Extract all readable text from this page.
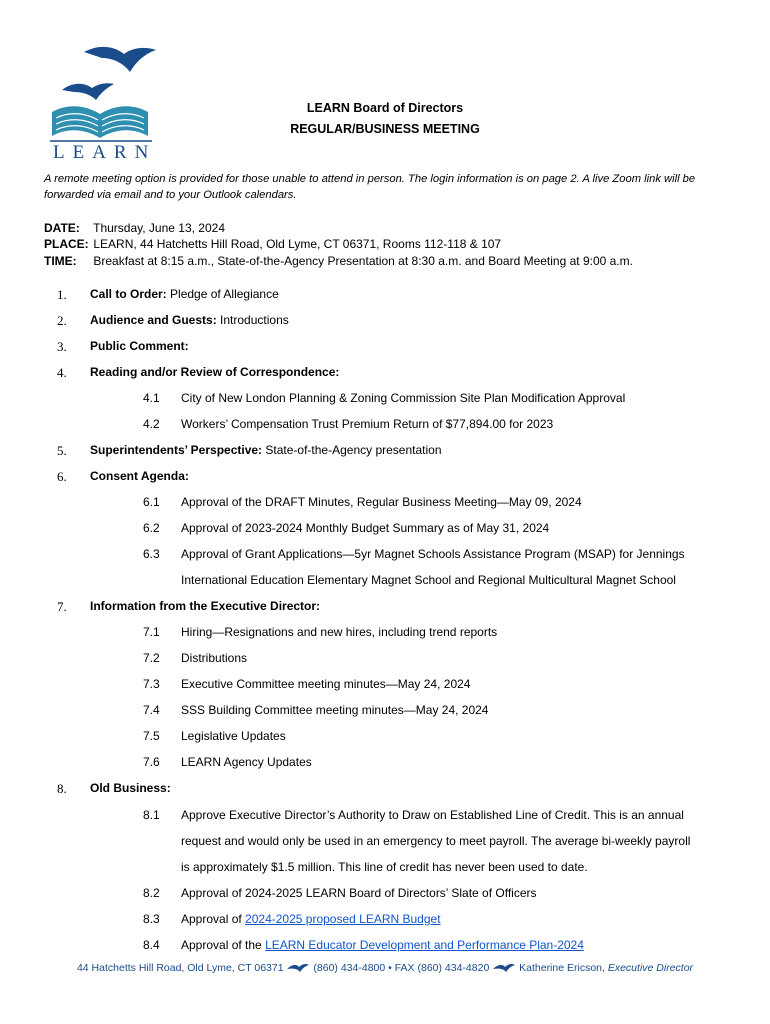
LEARN
LEARN Board of Directors
REGULAR/BUSINESS MEETING
A remote meeting option is provided for those unable to attend in person. The login information is on page 2. A live Zoom link will be
forwarded via email and to your Outlook calendars.
DATE: Thursday, June 13, 2024
PLACE: LEARN, 44 Hatchetts Hill Road, Old Lyme, CT 06371, Rooms 112-118 & 107
TIME: Breakfast at 8:15 a.m., State-of-the-Agency Presentation at 8:30 a.m. and Board Meeting at 9:00 a.m.
1. Call to Order: Pledge of Allegiance
2. Audience and Guests: Introductions
3. Public Comment:
4. Reading and/or Review of Correspondence:
4.1 City of New London Planning & Zoning Commission Site Plan Modification Approval
4.2 Workers’ Compensation Trust Premium Return of $77,894.00 for 2023
5. Superintendents’ Perspective: State-of-the-Agency presentation
6. Consent Agenda:
6.1 Approval of the DRAFT Minutes, Regular Business Meeting—May 09, 2024
6.2 Approval of 2023-2024 Monthly Budget Summary as of May 31, 2024
6.3 Approval of Grant Applications—5yr Magnet Schools Assistance Program (MSAP) for Jennings
International Education Elementary Magnet School and Regional Multicultural Magnet School
7. Information from the Executive Director:
7.1 Hiring—Resignations and new hires, including trend reports
7.2 Distributions
7.3 Executive Committee meeting minutes—May 24, 2024
7.4 SSS Building Committee meeting minutes—May 24, 2024
7.5 Legislative Updates
7.6 LEARN Agency Updates
8. Old Business:
8.1 Approve Executive Director’s Authority to Draw on Established Line of Credit. This is an annual
request and would only be used in an emergency to meet payroll. The average bi-weekly payroll
is approximately $1.5 million. This line of credit has never been used to date.
8.2 Approval of 2024-2025 LEARN Board of Directors’ Slate of Officers
8.3 Approval of 2024-2025 proposed LEARN Budget
8.4 Approval of the LEARN Educator Development and Performance Plan-2024
44 Hatchetts Hill Road, Old Lyme, CT 06371	(860) 434-4800 • FAX (860) 434-4820	Katherine Ericson, Executive Director
